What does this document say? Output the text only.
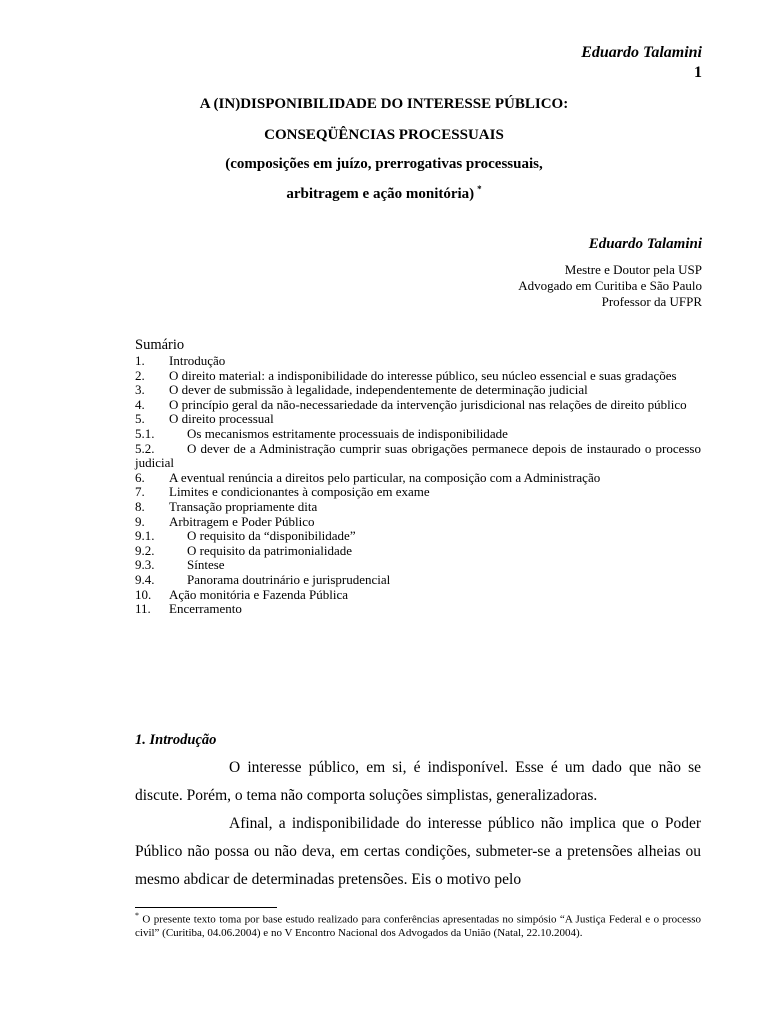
Eduardo Talamini
1
A (IN)DISPONIBILIDADE DO INTERESSE PÚBLICO:
CONSEQÜÊNCIAS PROCESSUAIS
(composições em juízo, prerrogativas processuais,
arbitragem e ação monitória) *
Eduardo Talamini
Mestre e Doutor pela USP
Advogado em Curitiba e São Paulo
Professor da UFPR
Sumário
1. Introdução
2. O direito material: a indisponibilidade do interesse público, seu núcleo essencial e suas gradações
3. O dever de submissão à legalidade, independentemente de determinação judicial
4. O princípio geral da não-necessariedade da intervenção jurisdicional nas relações de direito público
5. O direito processual
5.1.	Os mecanismos estritamente processuais de indisponibilidade
5.2.	O dever de a Administração cumprir suas obrigações permanece depois de instaurado o processo judicial
6. A eventual renúncia a direitos pelo particular, na composição com a Administração
7. Limites e condicionantes à composição em exame
8. Transação propriamente dita
9. Arbitragem e Poder Público
9.1.	O requisito da “disponibilidade”
9.2.	O requisito da patrimonialidade
9.3.	Síntese
9.4.	Panorama doutrinário e jurisprudencial
10. Ação monitória e Fazenda Pública
11. Encerramento
1. Introdução

O interesse público, em si, é indisponível. Esse é um dado que não se discute. Porém, o tema não comporta soluções simplistas, generalizadoras.

Afinal, a indisponibilidade do interesse público não implica que o Poder Público não possa ou não deva, em certas condições, submeter-se a pretensões alheias ou mesmo abdicar de determinadas pretensões. Eis o motivo pelo

* O presente texto toma por base estudo realizado para conferências apresentadas no simpósio “A Justiça Federal e o processo civil” (Curitiba, 04.06.2004) e no V Encontro Nacional dos Advogados da União (Natal, 22.10.2004).
